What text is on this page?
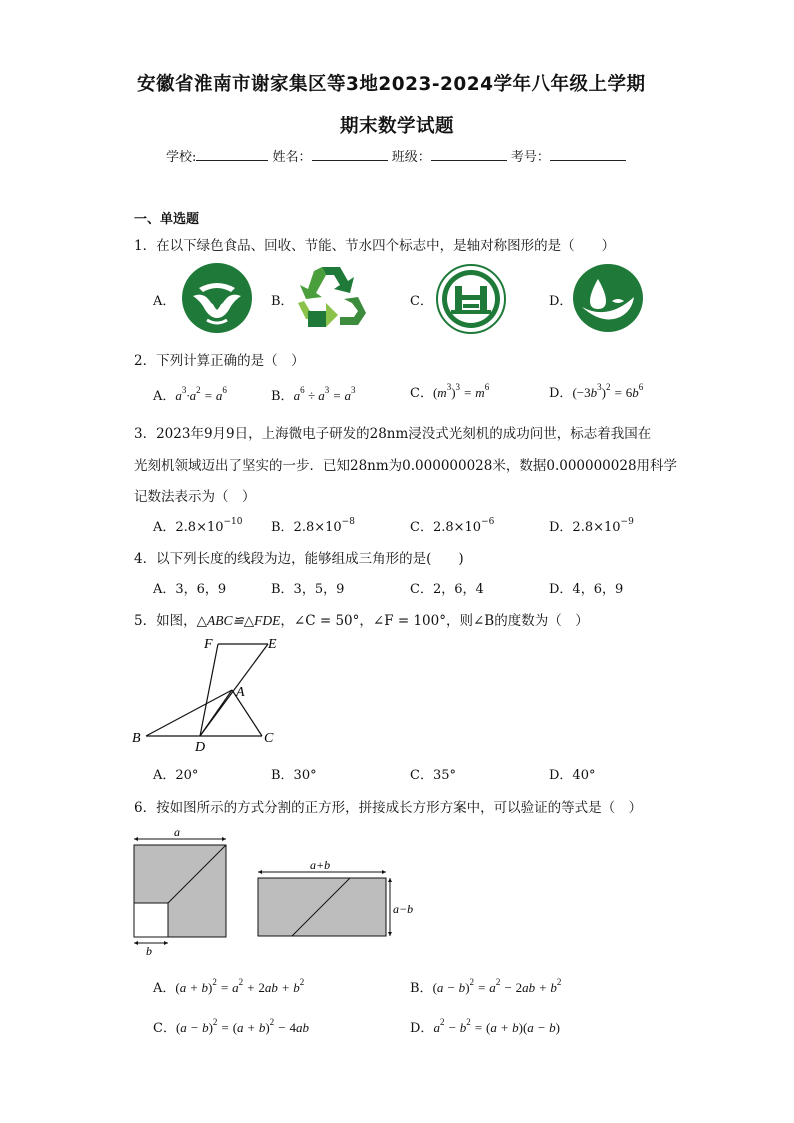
安徽省淮南市谢家集区等3地2023-2024学年八年级上学期
期末数学试题
学校:	姓名：	班级：	考号：
一、单选题
1．在以下绿色食品、回收、节能、节水四个标志中，是轴对称图形的是（　　）
A．	B．	C．	D．
2．下列计算正确的是（　）
A．$a^3\cdot a^2 = a^6$	B．$a^6 \div a^3 = a^3$	C．$(m^3)^3 = m^6$	D．$(-3b^3)^2 = 6b^6$
3．2023年9月9日，上海微电子研发的28nm浸没式光刻机的成功问世，标志着我国在
光刻机领域迈出了坚实的一步．已知28nm为0.000000028米，数据0.000000028用科学
记数法表示为（　）
A．$2.8\times 10^{-10}$ B．$2.8\times 10^{-8}$	C．$2.8\times 10^{-6}$	D．$2.8\times 10^{-9}$
4．以下列长度的线段为边，能够组成三角形的是(　　)
A．3，6，9	B．3，5，9	C．2，6，4	D．4，6，9
5．如图，△ABC≌△FDE，∠C = 50°，∠F = 100°，则∠B的度数为（　）
F	E
A
B
D
C
A．20°	B．30°	C．35°	D．40°
6．按如图所示的方式分割的正方形，拼接成长方形方案中，可以验证的等式是（　）
a
b
a+b
a−b
A．$(a + b)^2 = a^2 + 2ab + b^2$	B．$(a - b)^2 = a^2 - 2ab + b^2$
C．$(a - b)^2 = (a + b)^2 - 4ab$	D．$a^2 - b^2 = (a + b)(a - b)$
